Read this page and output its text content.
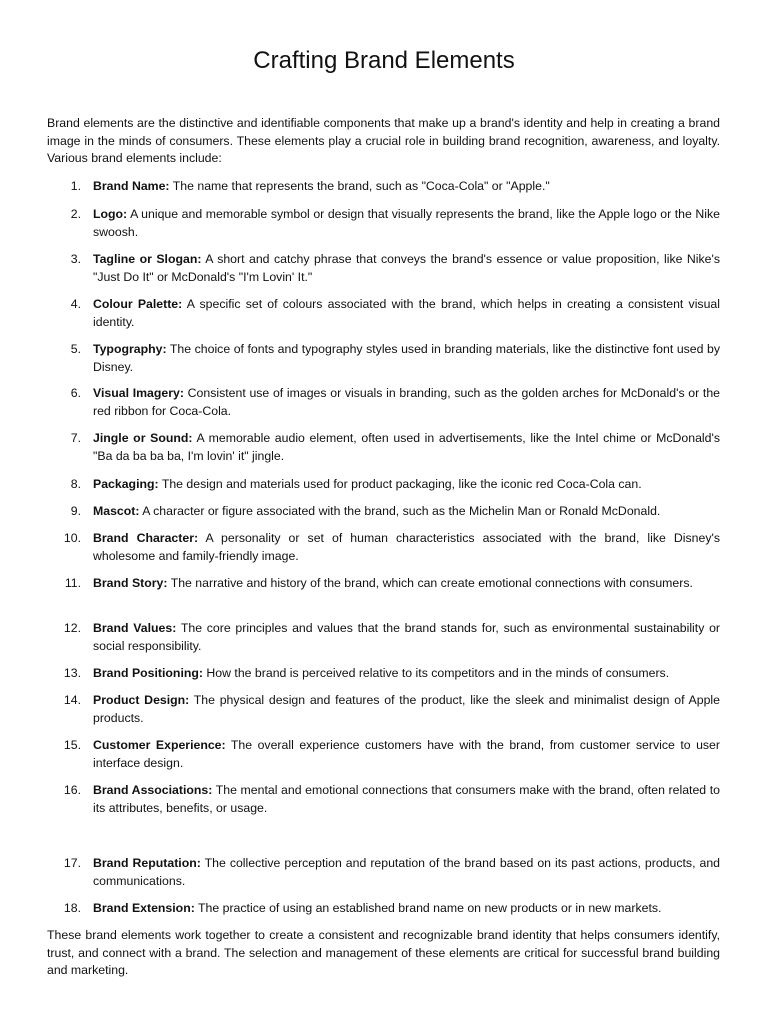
Crafting Brand Elements

Brand elements are the distinctive and identifiable components that make up a brand's identity and help in creating a brand image in the minds of consumers. These elements play a crucial role in building brand recognition, awareness, and loyalty. Various brand elements include:

1. Brand Name: The name that represents the brand, such as "Coca-Cola" or "Apple."
2. Logo: A unique and memorable symbol or design that visually represents the brand, like the Apple logo or the Nike swoosh.
3. Tagline or Slogan: A short and catchy phrase that conveys the brand's essence or value proposition, like Nike's "Just Do It" or McDonald's "I'm Lovin' It."
4. Colour Palette: A specific set of colours associated with the brand, which helps in creating a consistent visual identity.
5. Typography: The choice of fonts and typography styles used in branding materials, like the distinctive font used by Disney.
6. Visual Imagery: Consistent use of images or visuals in branding, such as the golden arches for McDonald's or the red ribbon for Coca-Cola.
7. Jingle or Sound: A memorable audio element, often used in advertisements, like the Intel chime or McDonald's "Ba da ba ba ba, I'm lovin' it" jingle.
8. Packaging: The design and materials used for product packaging, like the iconic red Coca-Cola can.
9. Mascot: A character or figure associated with the brand, such as the Michelin Man or Ronald McDonald.
10. Brand Character: A personality or set of human characteristics associated with the brand, like Disney's wholesome and family-friendly image.
11. Brand Story: The narrative and history of the brand, which can create emotional connections with consumers.
12. Brand Values: The core principles and values that the brand stands for, such as environmental sustainability or social responsibility.
13. Brand Positioning: How the brand is perceived relative to its competitors and in the minds of consumers.
14. Product Design: The physical design and features of the product, like the sleek and minimalist design of Apple products.
15. Customer Experience: The overall experience customers have with the brand, from customer service to user interface design.
16. Brand Associations: The mental and emotional connections that consumers make with the brand, often related to its attributes, benefits, or usage.
17. Brand Reputation: The collective perception and reputation of the brand based on its past actions, products, and communications.
18. Brand Extension: The practice of using an established brand name on new products or in new markets.

These brand elements work together to create a consistent and recognizable brand identity that helps consumers identify, trust, and connect with a brand. The selection and management of these elements are critical for successful brand building and marketing.
